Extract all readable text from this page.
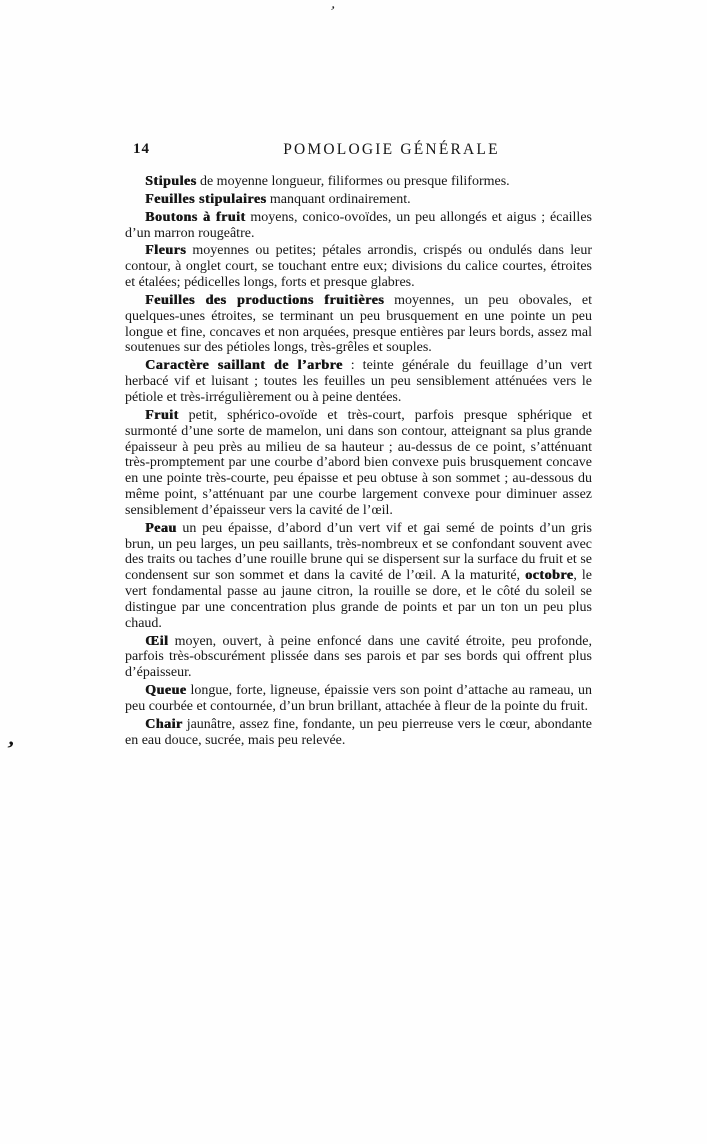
14	POMOLOGIE GÉNÉRALE

Stipules de moyenne longueur, filiformes ou presque filiformes.

Feuilles stipulaires manquant ordinairement.

Boutons à fruit moyens, conico-ovoïdes, un peu allongés et aigus ; écailles d’un marron rougeâtre.

Fleurs moyennes ou petites; pétales arrondis, crispés ou ondulés dans leur contour, à onglet court, se touchant entre eux; divisions du calice courtes, étroites et étalées; pédicelles longs, forts et presque glabres.

Feuilles des productions fruitières moyennes, un peu obovales, et quelques-unes étroites, se terminant un peu brusquement en une pointe un peu longue et fine, concaves et non arquées, presque entières par leurs bords, assez mal soutenues sur des pétioles longs, très-grêles et souples.

Caractère saillant de l’arbre : teinte générale du feuillage d’un vert herbacé vif et luisant ; toutes les feuilles un peu sensiblement atténuées vers le pétiole et très-irrégulièrement ou à peine dentées.

Fruit petit, sphérico-ovoïde et très-court, parfois presque sphérique et surmonté d’une sorte de mamelon, uni dans son contour, atteignant sa plus grande épaisseur à peu près au milieu de sa hauteur ; au-dessus de ce point, s’atténuant très-promptement par une courbe d’abord bien convexe puis brusquement concave en une pointe très-courte, peu épaisse et peu obtuse à son sommet ; au-dessous du même point, s’atténuant par une courbe largement convexe pour diminuer assez sensiblement d’épaisseur vers la cavité de l’œil.

Peau un peu épaisse, d’abord d’un vert vif et gai semé de points d’un gris brun, un peu larges, un peu saillants, très-nombreux et se confondant souvent avec des traits ou taches d’une rouille brune qui se dispersent sur la surface du fruit et se condensent sur son sommet et dans la cavité de l’œil. A la maturité, octobre, le vert fondamental passe au jaune citron, la rouille se dore, et le côté du soleil se distingue par une concentration plus grande de points et par un ton un peu plus chaud.

Œil moyen, ouvert, à peine enfoncé dans une cavité étroite, peu profonde, parfois très-obscurément plissée dans ses parois et par ses bords qui offrent plus d’épaisseur.

Queue longue, forte, ligneuse, épaissie vers son point d’attache au rameau, un peu courbée et contournée, d’un brun brillant, attachée à fleur de la pointe du fruit.

Chair jaunâtre, assez fine, fondante, un peu pierreuse vers le cœur, abondante en eau douce, sucrée, mais peu relevée.

’
’
